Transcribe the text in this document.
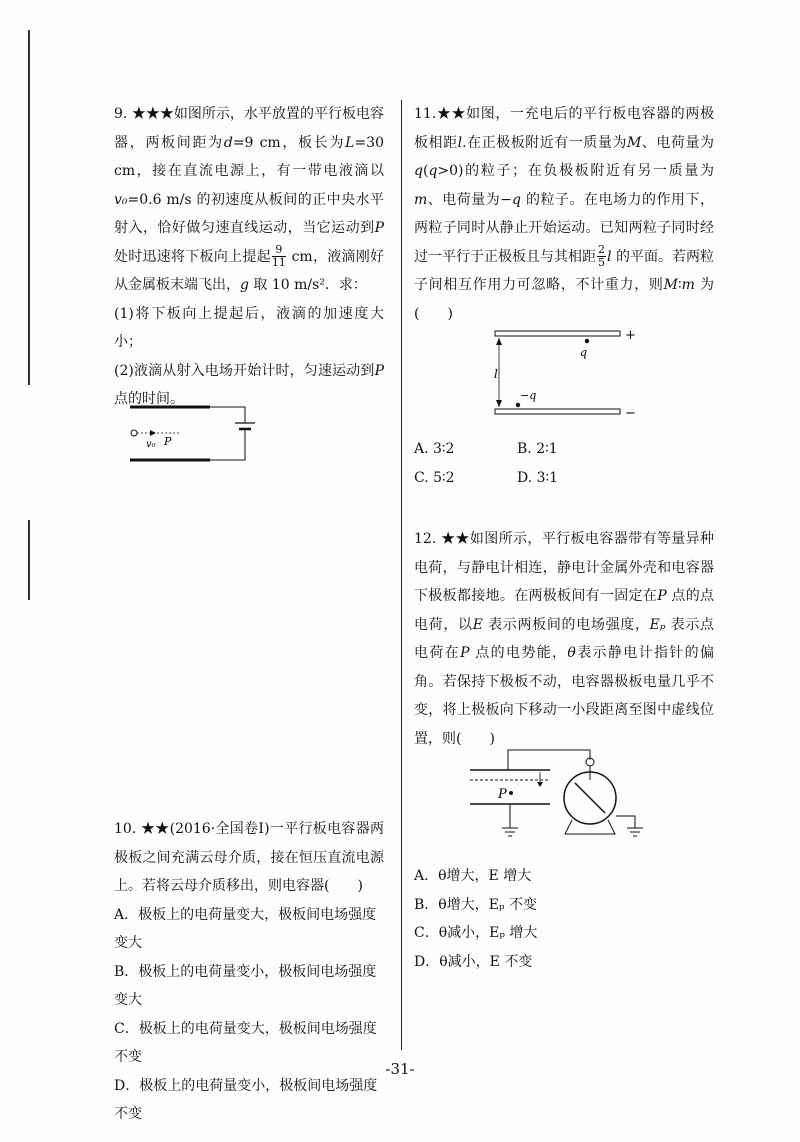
9. ★★★如图所示，水平放置的平行板电容器，两板间距为d=9 cm，板长为L=30 cm，接在直流电源上，有一带电液滴以v₀=0.6 m/s 的初速度从板间的正中央水平射入，恰好做匀速直线运动，当它运动到P 处时迅速将下板向上提起 $\frac{9}{11}$ cm，液滴刚好从金属板末端飞出，g 取 10 m/s²．求：

(1)将下板向上提起后，液滴的加速度大小；

(2)液滴从射入电场开始计时，匀速运动到P 点的时间。

v₀ P

10. ★★(2016·全国卷Ⅰ)一平行板电容器两极板之间充满云母介质，接在恒压直流电源上。若将云母介质移出，则电容器(　　)

A．极板上的电荷量变大，极板间电场强度变大

B．极板上的电荷量变小，极板间电场强度变大

C．极板上的电荷量变大，极板间电场强度不变

D．极板上的电荷量变小，极板间电场强度不变

11.★★如图，一充电后的平行板电容器的两极板相距l.在正极板附近有一质量为M、电荷量为q(q>0)的粒子；在负极板附近有另一质量为m、电荷量为−q 的粒子。在电场力的作用下，两粒子同时从静止开始运动。已知两粒子同时经过一平行于正极板且与其相距 $\frac{2}{5}$ l 的平面。若两粒子间相互作用力可忽略，不计重力，则M∶m 为(　　)

+
−
l
q
−q
A. 3∶2	B. 2∶1
C. 5∶2	D. 3∶1

12. ★★如图所示，平行板电容器带有等量异种电荷，与静电计相连，静电计金属外壳和电容器下极板都接地。在两极板间有一固定在P 点的点电荷，以E 表示两板间的电场强度，Eₚ 表示点电荷在P 点的电势能，θ表示静电计指针的偏角。若保持下极板不动，电容器极板电量几乎不变，将上极板向下移动一小段距离至图中虚线位置，则(　　)

P

A．θ增大，E 增大

B．θ增大，Eₚ 不变

C．θ减小，Eₚ 增大

D．θ减小，E 不变

-31-
